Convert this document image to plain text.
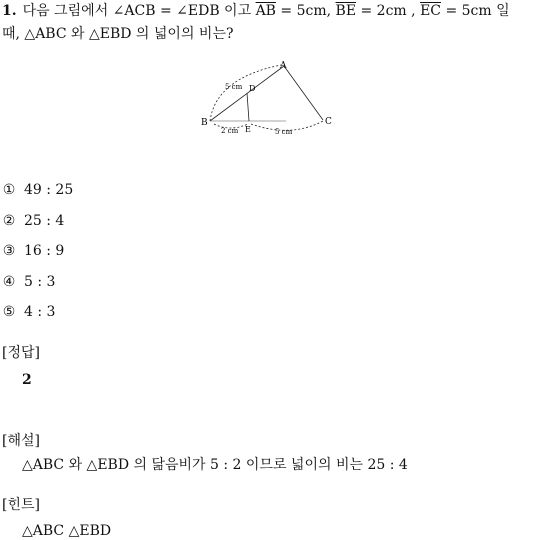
1. 다음 그림에서 ∠ACB = ∠EDB 이고 $\overline{AB} = 5cm$, $\overline{BE} = 2cm$ , $\overline{EC} = 5cm$ 일
때, △ABC 와 △EBD 의 넓이의 비는?
A
B	C
D
E
5 cm
2 cm	5 cm
① 49 : 25
② 25 : 4
③ 16 : 9
④ 5 : 3
⑤ 4 : 3
[정답]
2
[해설]
△ABC 와 △EBD 의 닮음비가 5 : 2 이므로 넓이의 비는 25 : 4
[힌트]
△ABC △EBD
